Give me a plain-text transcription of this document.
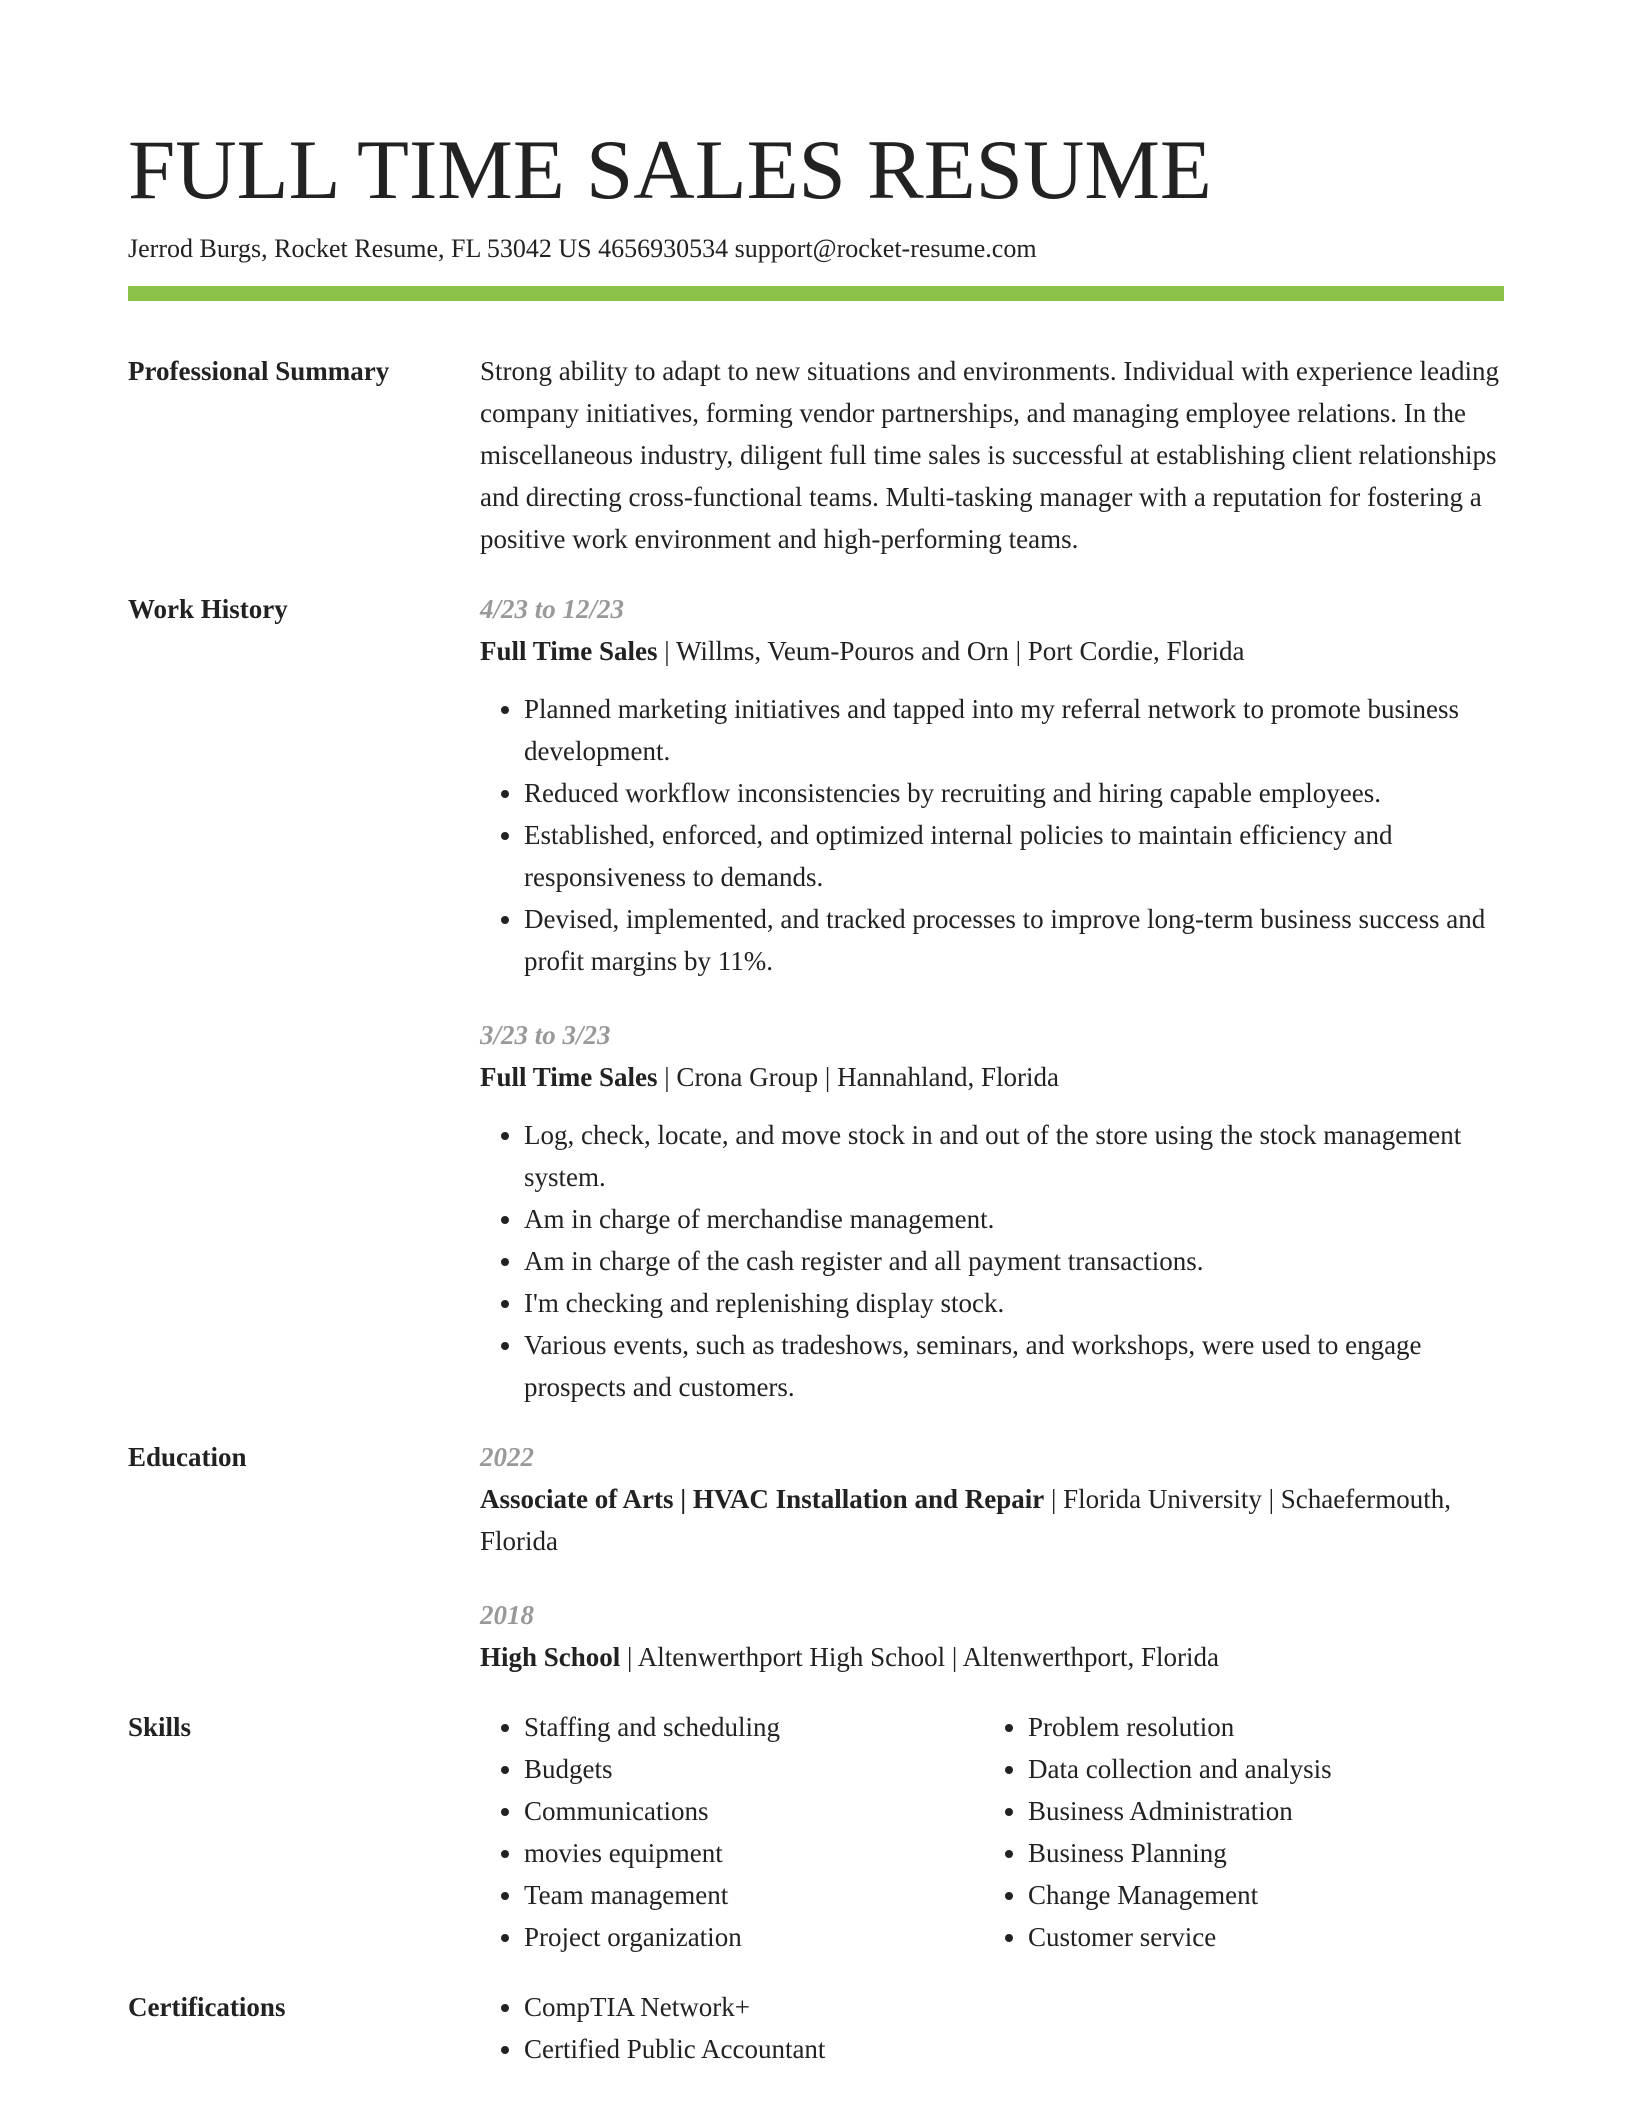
FULL TIME SALES RESUME
Jerrod Burgs, Rocket Resume, FL 53042 US 4656930534 support@rocket-resume.com
Professional Summary	Strong ability to adapt to new situations and environments. Individual with experience leading company initiatives, forming vendor partnerships, and managing employee relations. In the miscellaneous industry, diligent full time sales is successful at establishing client relationships and directing cross-functional teams. Multi-tasking manager with a reputation for fostering a positive work environment and high-performing teams.

Work History	4/23 to 12/23
Full Time Sales | Willms, Veum-Pouros and Orn | Port Cordie, Florida
• Planned marketing initiatives and tapped into my referral network to promote business development.
• Reduced workflow inconsistencies by recruiting and hiring capable employees.
• Established, enforced, and optimized internal policies to maintain efficiency and responsiveness to demands.
• Devised, implemented, and tracked processes to improve long-term business success and profit margins by 11%.
3/23 to 3/23
Full Time Sales | Crona Group | Hannahland, Florida
• Log, check, locate, and move stock in and out of the store using the stock management system.
• Am in charge of merchandise management.
• Am in charge of the cash register and all payment transactions.
• I'm checking and replenishing display stock.
• Various events, such as tradeshows, seminars, and workshops, were used to engage prospects and customers.
Education	2022
Associate of Arts | HVAC Installation and Repair | Florida University | Schaefermouth, Florida
2018
High School | Altenwerthport High School | Altenwerthport, Florida
Skills	• Staffing and scheduling
• Budgets
• Communications
• movies equipment
• Team management
• Project organization
• Problem resolution
• Data collection and analysis
• Business Administration
• Business Planning
• Change Management
• Customer service
Certifications	• CompTIA Network+
• Certified Public Accountant
